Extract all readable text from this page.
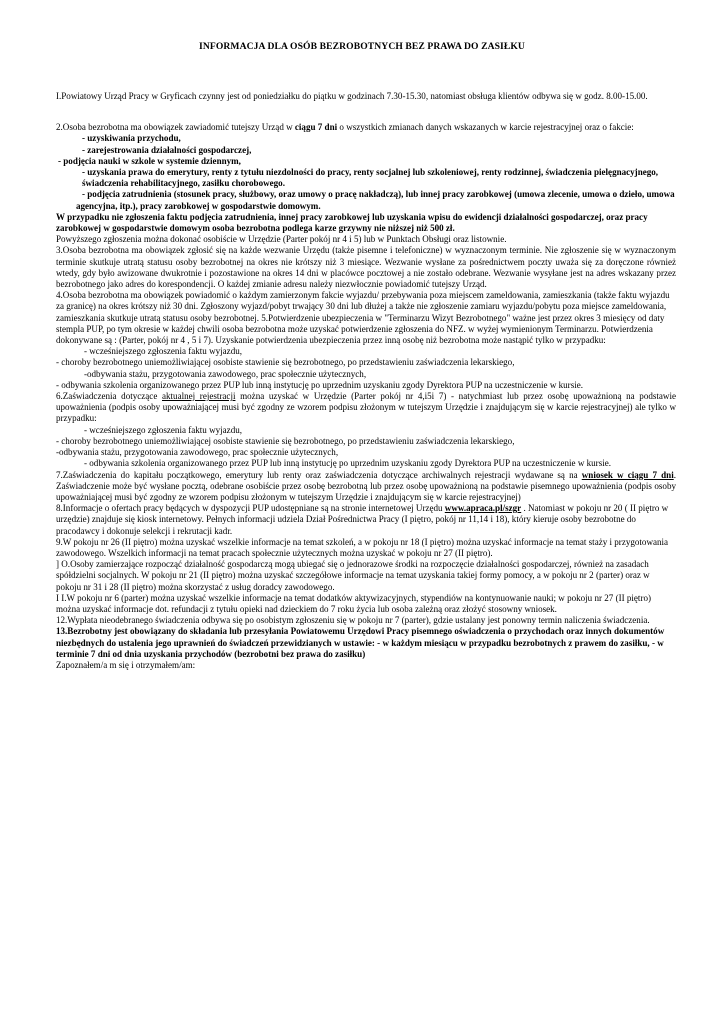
INFORMACJA DLA OSÓB BEZROBOTNYCH BEZ PRAWA DO ZASIŁKU

I.Powiatowy Urząd Pracy w Gryficach czynny jest od poniedziałku do piątku w godzinach 7.30-15.30, natomiast obsługa klientów odbywa się w godz. 8.00-15.00.

2.Osoba bezrobotna ma obowiązek zawiadomić tutejszy Urząd w ciągu 7 dni o wszystkich zmianach danych wskazanych w karcie rejestracyjnej oraz o fakcie:

- uzyskiwania przychodu,

- zarejestrowania działalności gospodarczej,

- podjęcia nauki w szkole w systemie dziennym,

- uzyskania prawa do emerytury, renty z tytułu niezdolności do pracy, renty socjalnej lub szkoleniowej, renty rodzinnej, świadczenia pielęgnacyjnego, świadczenia rehabilitacyjnego, zasiłku chorobowego.

- podjęcia zatrudnienia (stosunek pracy, służbowy, oraz umowy o pracę nakładczą), lub innej pracy zarobkowej (umowa zlecenie, umowa o dzieło, umowa agencyjna, itp.), pracy zarobkowej w gospodarstwie domowym.

W przypadku nie zgłoszenia faktu podjęcia zatrudnienia, innej pracy zarobkowej lub uzyskania wpisu do ewidencji działalności gospodarczej, oraz pracy zarobkowej w gospodarstwie domowym osoba bezrobotna podlega karze grzywny nie niższej niż 500 zł.

Powyższego zgłoszenia można dokonać osobiście w Urzędzie (Parter pokój nr 4 i 5) lub w Punktach Obsługi oraz listownie.

3.Osoba bezrobotna ma obowiązek zgłosić się na każde wezwanie Urzędu (także pisemne i telefoniczne) w wyznaczonym terminie. Nie zgłoszenie się w wyznaczonym terminie skutkuje utratą statusu osoby bezrobotnej na okres nie krótszy niż 3 miesiące. Wezwanie wysłane za pośrednictwem poczty uważa się za doręczone również wtedy, gdy było awizowane dwukrotnie i pozostawione na okres 14 dni w placówce pocztowej a nie zostało odebrane. Wezwanie wysyłane jest na adres wskazany przez bezrobotnego jako adres do korespondencji. O każdej zmianie adresu należy niezwłocznie powiadomić tutejszy Urząd.

4.Osoba bezrobotna ma obowiązek powiadomić o każdym zamierzonym fakcie wyjazdu/ przebywania poza miejscem zameldowania, zamieszkania (także faktu wyjazdu za granicę) na okres krótszy niż 30 dni. Zgłoszony wyjazd/pobyt trwający 30 dni lub dłużej a także nie zgłoszenie zamiaru wyjazdu/pobytu poza miejsce zameldowania, zamieszkania skutkuje utratą statusu osoby bezrobotnej. 5.Potwierdzenie ubezpieczenia w "Terminarzu Wizyt Bezrobotnego" ważne jest przez okres 3 miesięcy od daty stempla PUP, po tym okresie w każdej chwili osoba bezrobotna może uzyskać potwierdzenie zgłoszenia do NFZ. w wyżej wymienionym Terminarzu. Potwierdzenia dokonywane są : (Parter, pokój nr 4 , 5 i 7). Uzyskanie potwierdzenia ubezpieczenia przez inną osobę niż bezrobotna może nastąpić tylko w przypadku:

- wcześniejszego zgłoszenia faktu wyjazdu,

- choroby bezrobotnego uniemożliwiającej osobiste stawienie się bezrobotnego, po przedstawieniu zaświadczenia lekarskiego,

-odbywania stażu, przygotowania zawodowego, prac społecznie użytecznych,

- odbywania szkolenia organizowanego przez PUP lub inną instytucję po uprzednim uzyskaniu zgody Dyrektora PUP na uczestniczenie w kursie.

6.Zaświadczenia dotyczące aktualnej rejestracji można uzyskać w Urzędzie (Parter pokój nr 4,i5i 7) - natychmiast lub przez osobę upoważnioną na podstawie upoważnienia (podpis osoby upoważniającej musi być zgodny ze wzorem podpisu złożonym w tutejszym Urzędzie i znajdującym się w karcie rejestracyjnej) ale tylko w przypadku:

- wcześniejszego zgłoszenia faktu wyjazdu,

- choroby bezrobotnego uniemożliwiającej osobiste stawienie się bezrobotnego, po przedstawieniu zaświadczenia lekarskiego,

-odbywania stażu, przygotowania zawodowego, prac społecznie użytecznych,

- odbywania szkolenia organizowanego przez PUP lub inną instytucję po uprzednim uzyskaniu zgody Dyrektora PUP na uczestniczenie w kursie.

7.Zaświadczenia do kapitału początkowego, emerytury lub renty oraz zaświadczenia dotyczące archiwalnych rejestracji wydawane są na wniosek w ciągu 7 dni. Zaświadczenie może być wysłane pocztą, odebrane osobiście przez osobę bezrobotną lub przez osobę upoważnioną na podstawie pisemnego upoważnienia (podpis osoby upoważniającej musi być zgodny ze wzorem podpisu złożonym w tutejszym Urzędzie i znajdującym się w karcie rejestracyjnej)

8.Informacje o ofertach pracy będących w dyspozycji PUP udostępniane są na stronie internetowej Urzędu www.apraca.pl/szgr . Natomiast w pokoju nr 20 ( II piętro w urzędzie) znajduje się kiosk internetowy. Pełnych informacji udziela Dział Pośrednictwa Pracy (I piętro, pokój nr 11,14 i 18), który kieruje osoby bezrobotne do pracodawcy i dokonuje selekcji i rekrutacji kadr.

9.W pokoju nr 26 (II piętro) można uzyskać wszelkie informacje na temat szkoleń, a w pokoju nr 18 (I piętro) można uzyskać informacje na temat staży i przygotowania zawodowego. Wszelkich informacji na temat pracach społecznie użytecznych można uzyskać w pokoju nr 27 (II piętro).

] O.Osoby zamierzające rozpocząć działalność gospodarczą mogą ubiegać się o jednorazowe środki na rozpoczęcie działalności gospodarczej, również na zasadach spółdzielni socjalnych. W pokoju nr 21 (II piętro) można uzyskać szczegółowe informacje na temat uzyskania takiej formy pomocy, a w pokoju nr 2 (parter) oraz w pokoju nr 31 i 28 (II piętro) można skorzystać z usług doradcy zawodowego.

I I.W pokoju nr 6 (parter) można uzyskać wszelkie informacje na temat dodatków aktywizacyjnych, stypendiów na kontynuowanie nauki; w pokoju nr 27 (II piętro) można uzyskać informacje dot. refundacji z tytułu opieki nad dzieckiem do 7 roku życia lub osoba zależną oraz złożyć stosowny wniosek.

12.Wypłata nieodebranego świadczenia odbywa się po osobistym zgłoszeniu się w pokoju nr 7 (parter), gdzie ustalany jest ponowny termin naliczenia świadczenia.

13.Bezrobotny jest obowiązany do składania lub przesyłania Powiatowemu Urzędowi Pracy pisemnego oświadczenia o przychodach oraz innych dokumentów niezbędnych do ustalenia jego uprawnień do świadczeń przewidzianych w ustawie: - w każdym miesiącu w przypadku bezrobotnych z prawem do zasiłku, - w terminie 7 dni od dnia uzyskania przychodów (bezrobotni bez prawa do zasiłku)

Zapoznałem/a m się i otrzymałem/am:
